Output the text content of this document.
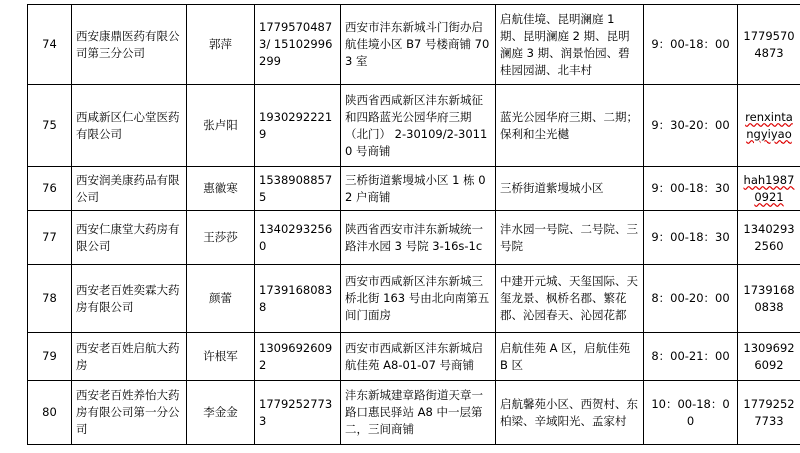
74	西安康鼎医药有限公司第三分公司	郭萍	17795704873/ 15102996299	西安市沣东新城斗门街办启航佳境小区 B7 号楼商铺 703 室	启航佳境、昆明澜庭 1 期、昆明澜庭 2 期、昆明澜庭 3 期、润景怡园、碧桂园园湖、北丰村	9：00-18：00	17795704873
75	西咸新区仁心堂医药有限公司	张卢阳	19302922219	陕西省西咸新区沣东新城征和四路蓝光公园华府三期（北门） 2-30109/2-30110 号商铺	蓝光公园华府三期、二期；保利和尘光樾	9：30-20：00	renxintangyiyao
76	西安润美康药品有限公司	惠徽寒	15389088575	三桥街道紫墁城小区 1 栋 02 户商铺	三桥街道紫墁城小区	9：00-18：30	hah19870921
77	西安仁康堂大药房有限公司	王莎莎	13402932560	陕西省西安市沣东新城统一路沣水园 3 号院 3-16s-1c	沣水园一号院、二号院、三号院	9：00-18：30	13402932560
78	西安老百姓奕霖大药房有限公司	颜蕾	17391680838	西安市西咸新区沣东新城三桥北街 163 号由北向南第五间门面房	中建开元城、天玺国际、天玺龙景、枫桥名郡、繁花郡、沁园春天、沁园花都	8：00-20：00	17391680838
79	西安老百姓启航大药房	许根军	13096926092	西安市西咸新区沣东新城启航佳苑 A8-01-07 号商铺	启航佳苑 A 区，启航佳苑 B 区	8：00-21：00	13096926092
80	西安老百姓养怡大药房有限公司第一分公司	李金金	17792527733	沣东新城建章路街道天章一路口惠民驿站 A8 中一层第二，三间商铺	启航馨苑小区、西贺村、东柏梁、辛域阳光、孟家村	10：00-18：00	17792527733
